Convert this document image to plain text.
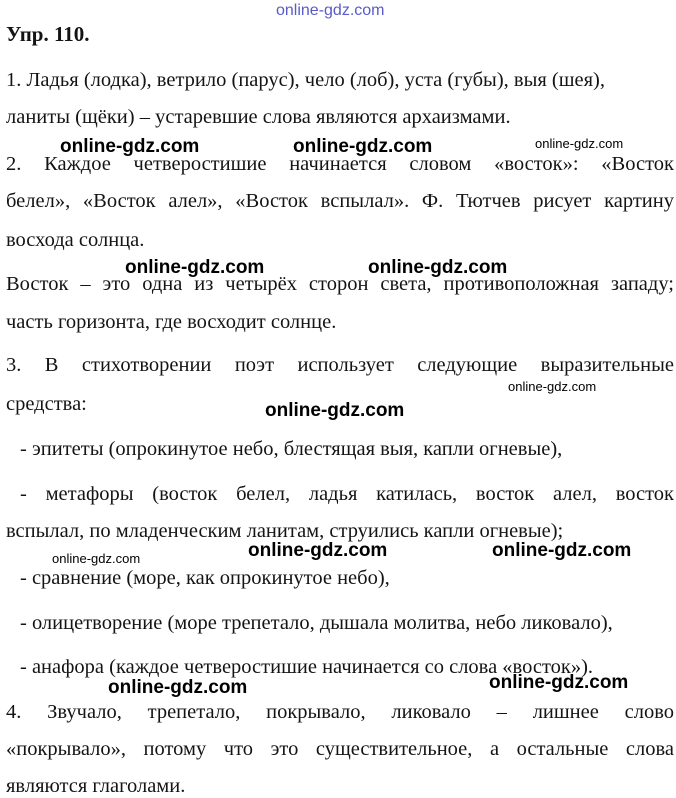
online-gdz.com
Упр. 110.

1. Ладья (лодка), ветрило (парус), чело (лоб), уста (губы), выя (шея),

ланиты (щёки) – устаревшие слова являются архаизмами.

2. Каждое четверостишие начинается словом «восток»: «Восток

белел», «Восток алел», «Восток вспылал». Ф. Тютчев рисует картину

восхода солнца.

Восток – это одна из четырёх сторон света, противоположная западу;

часть горизонта, где восходит солнце.

3. В стихотворении поэт использует следующие выразительные

средства:

- эпитеты (опрокинутое небо, блестящая выя, капли огневые),

- метафоры (восток белел, ладья катилась, восток алел, восток

вспылал, по младенческим ланитам, струились капли огневые);

- сравнение (море, как опрокинутое небо),

- олицетворение (море трепетало, дышала молитва, небо ликовало),

- анафора (каждое четверостишие начинается со слова «восток»).

4. Звучало, трепетало, покрывало, ликовало – лишнее слово

«покрывало», потому что это существительное, а остальные слова

являются глаголами.

online-gdz.com	online-gdz.com	online-gdz.com
online-gdz.com	online-gdz.com
online-gdz.com
online-gdz.com
online-gdz.com	online-gdz.com
online-gdz.com
online-gdz.com
online-gdz.com
